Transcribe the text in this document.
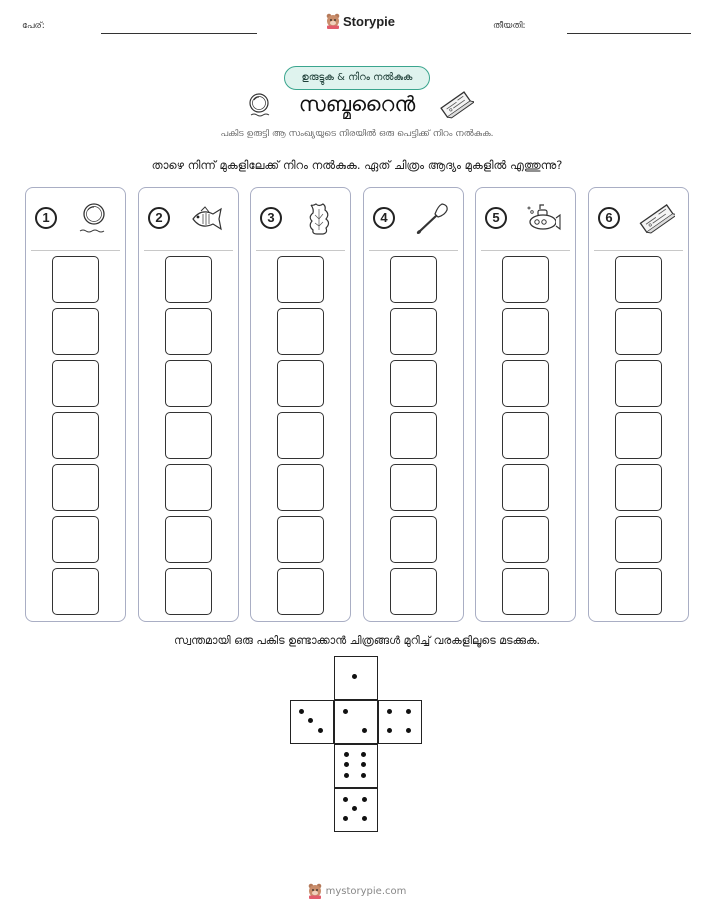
പേര്:	Storypie	തീയതി:
ഉരുട്ടുക & നിറം നൽകുക
സബ്മറൈൻ
പകിട ഉരുട്ടി ആ സംഖ്യയുടെ നിരയിൽ ഒരു പെട്ടിക്ക് നിറം നൽകുക.
താഴെ നിന്ന് മുകളിലേക്ക് നിറം നൽകുക. ഏത് ചിത്രം ആദ്യം മുകളിൽ എത്തുന്നു?
1	2	3	4	5	6
സ്വന്തമായി ഒരു പകിട ഉണ്ടാക്കാൻ ചിത്രങ്ങൾ മുറിച്ച് വരകളിലൂടെ മടക്കുക.
mystorypie.com
